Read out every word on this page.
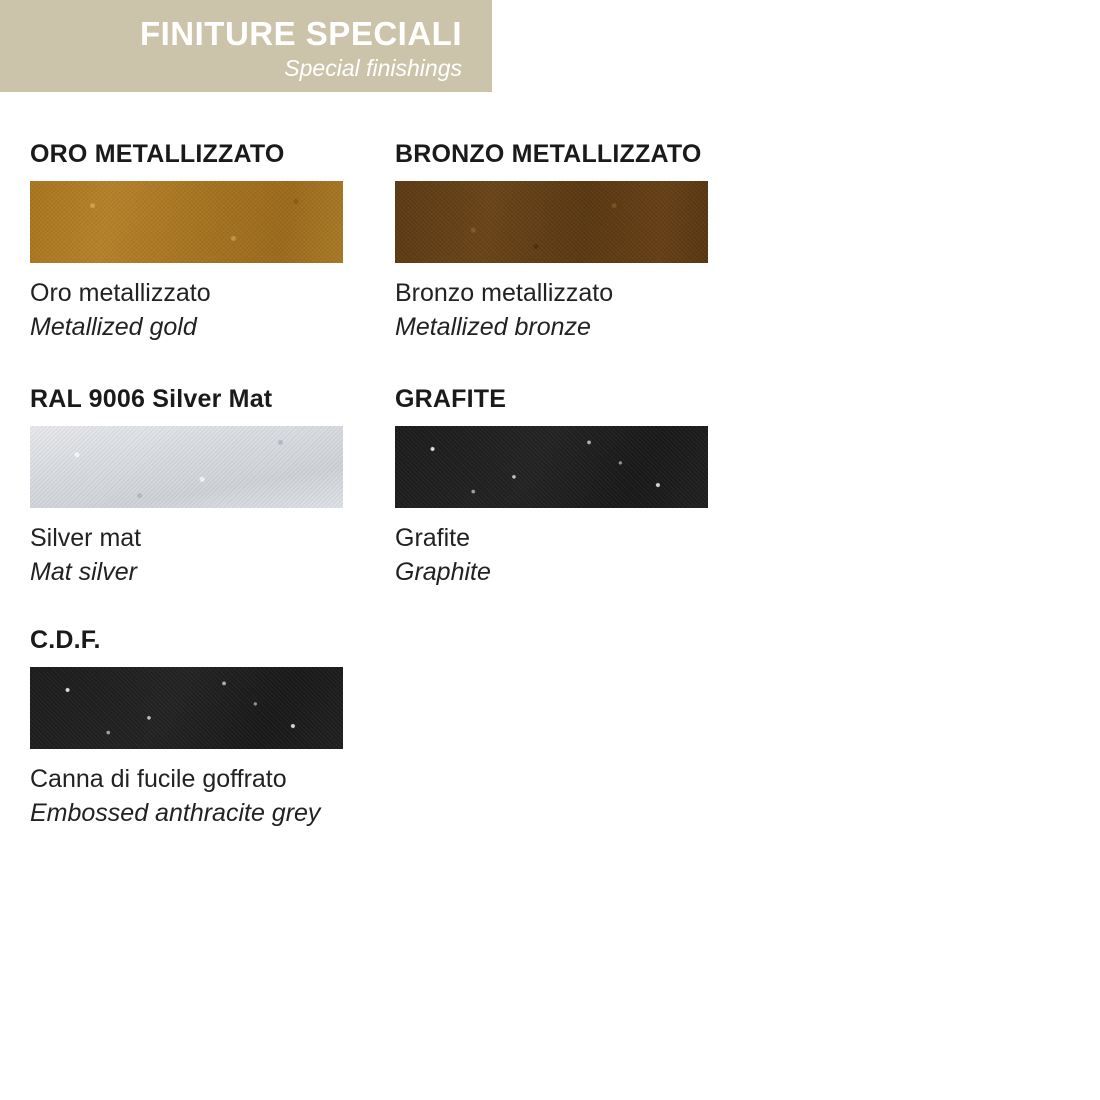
FINITURE SPECIALI
Special finishings
ORO METALLIZZATO
Oro metallizzato
Metallized gold
BRONZO METALLIZZATO
Bronzo metallizzato
Metallized bronze
RAL 9006 Silver Mat
Silver mat
Mat silver
GRAFITE
Grafite
Graphite
C.D.F.
Canna di fucile goffrato
Embossed anthracite grey
